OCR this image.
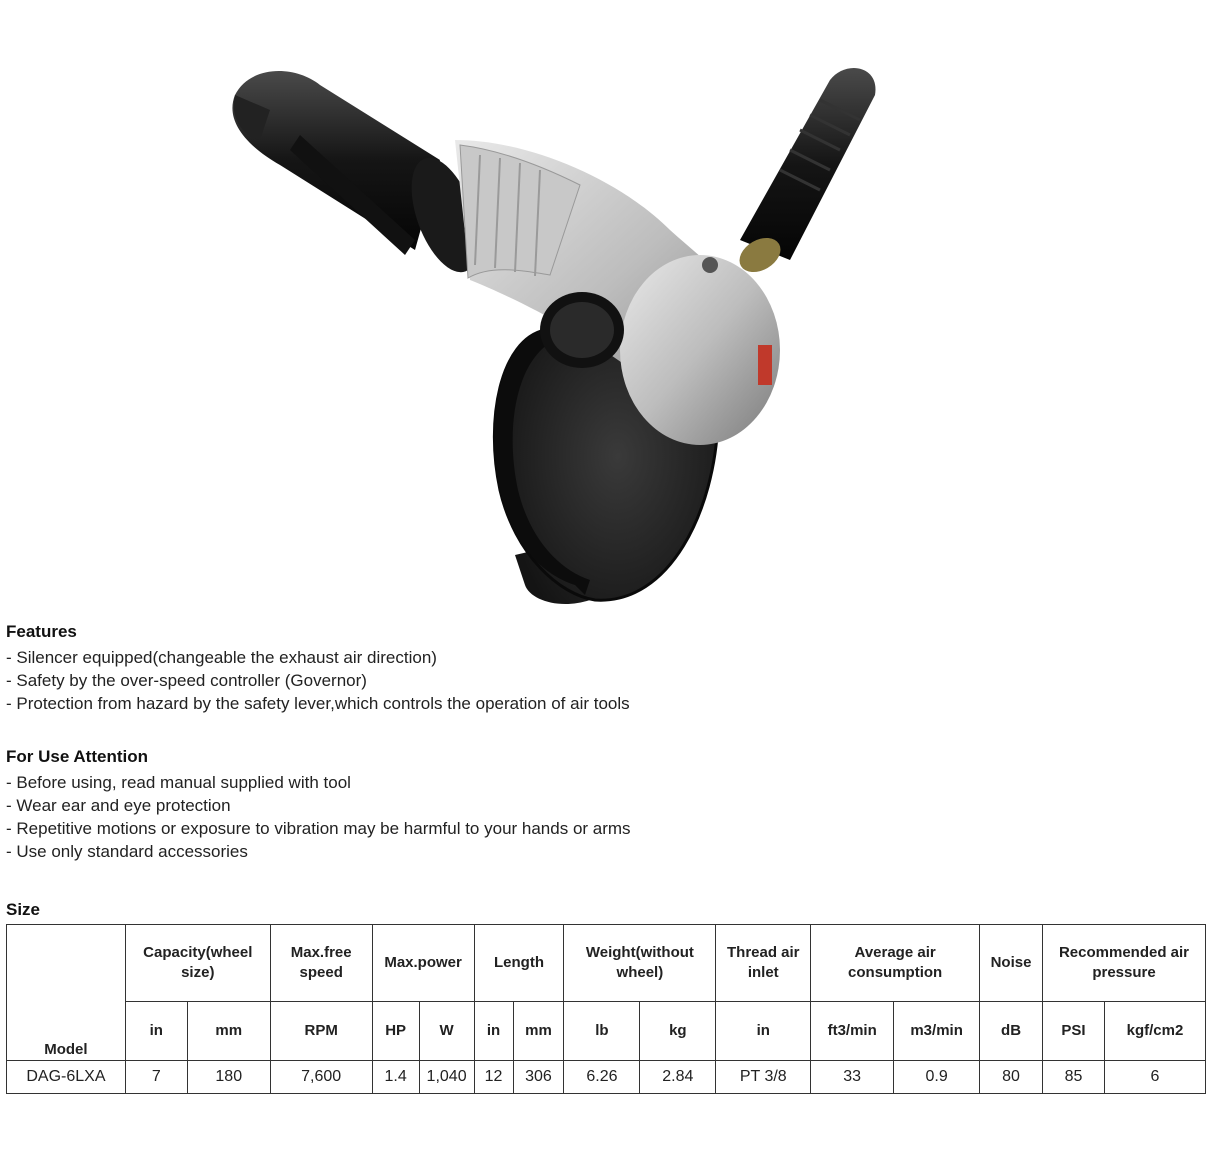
Features
- Silencer equipped(changeable the exhaust air direction)
- Safety by the over-speed controller (Governor)
- Protection from hazard by the safety lever,which controls the operation of air tools
For Use Attention
- Before using, read manual supplied with tool
- Wear ear and eye protection
- Repetitive motions or exposure to vibration may be harmful to your hands or arms
- Use only standard accessories
Size
Model	Capacity(wheel size)		Max.free speed	Max.power		Length		Weight(without wheel)		Thread air inlet	Average air consumption		Noise	Recommended air pressure	
	in	mm	RPM	HP	W	in	mm	lb	kg	in	ft3/min	m3/min	dB	PSI	kgf/cm2
DAG-6LXA	7	180	7,600	1.4	1,040	12	306	6.26	2.84	PT 3/8	33	0.9	80	85	6
